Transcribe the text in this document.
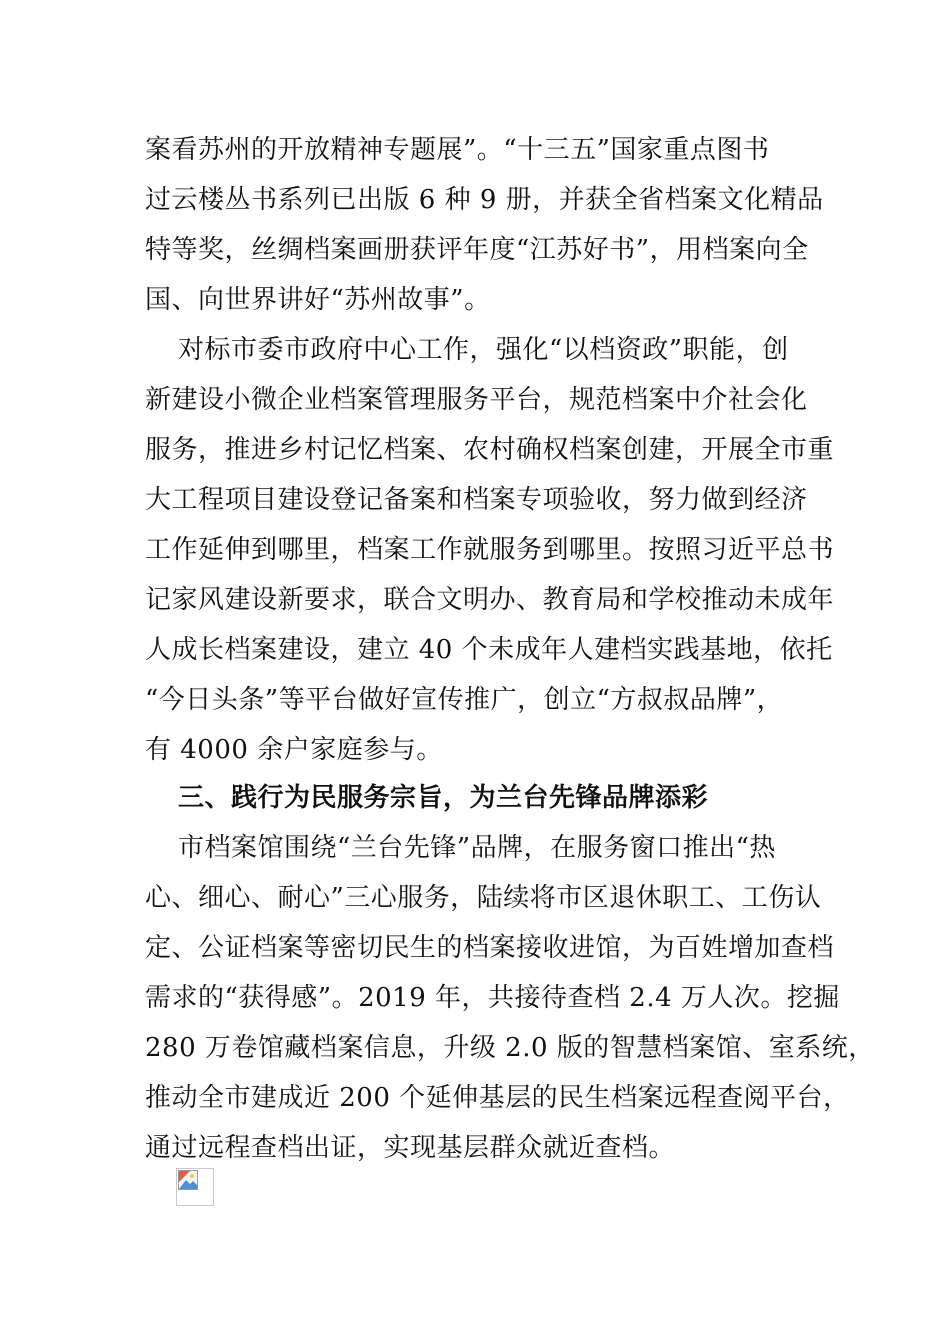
案看苏州的开放精神专题展”。“十三五”国家重点图书
过云楼丛书系列已出版 6 种 9 册，并获全省档案文化精品
特等奖，丝绸档案画册获评年度“江苏好书”，用档案向全
国、向世界讲好“苏州故事”。
对标市委市政府中心工作，强化“以档资政”职能，创
新建设小微企业档案管理服务平台，规范档案中介社会化
服务，推进乡村记忆档案、农村确权档案创建，开展全市重
大工程项目建设登记备案和档案专项验收，努力做到经济
工作延伸到哪里，档案工作就服务到哪里。按照习近平总书
记家风建设新要求，联合文明办、教育局和学校推动未成年
人成长档案建设，建立 40 个未成年人建档实践基地，依托
“今日头条”等平台做好宣传推广，创立“方叔叔品牌”，
有 4000 余户家庭参与。
三、践行为民服务宗旨，为兰台先锋品牌添彩
市档案馆围绕“兰台先锋”品牌，在服务窗口推出“热
心、细心、耐心”三心服务，陆续将市区退休职工、工伤认
定、公证档案等密切民生的档案接收进馆，为百姓增加查档
需求的“获得感”。2019 年，共接待查档 2.4 万人次。挖掘
280 万卷馆藏档案信息，升级 2.0 版的智慧档案馆、室系统，
推动全市建成近 200 个延伸基层的民生档案远程查阅平台，
通过远程查档出证，实现基层群众就近查档。
